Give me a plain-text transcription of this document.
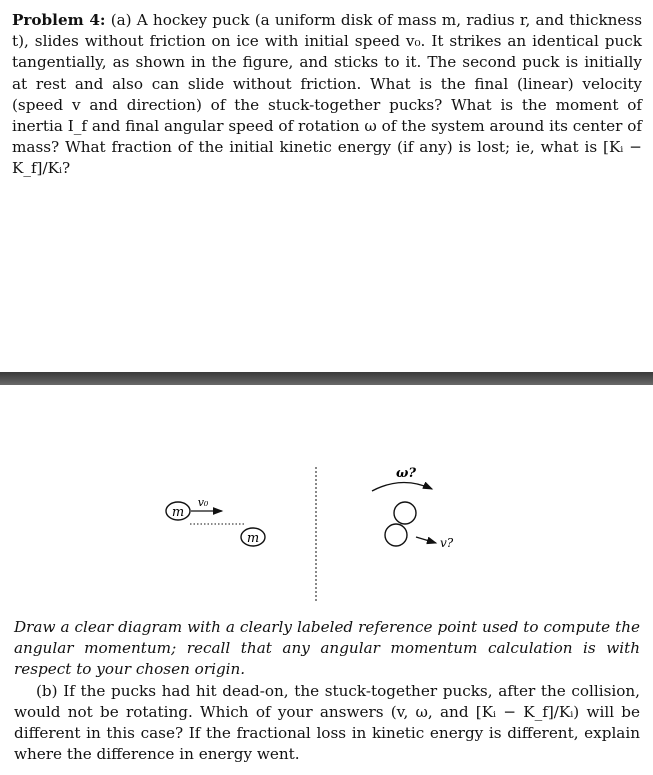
Problem 4: (a) A hockey puck (a uniform disk of mass m, radius r, and thickness t), slides without friction on ice with initial speed v₀. It strikes an identical puck tangentially, as shown in the figure, and sticks to it. The second puck is initially at rest and also can slide without friction. What is the final (linear) velocity (speed v and direction) of the stuck-together pucks? What is the moment of inertia I_f and final angular speed of rotation ω of the system around its center of mass? What fraction of the initial kinetic energy (if any) is lost; ie, what is [Kᵢ − K_f]/Kᵢ?
m
v₀
m
ω?
v?

Draw a clear diagram with a clearly labeled reference point used to compute the angular momentum; recall that any angular momentum calculation is with respect to your chosen origin.

(b) If the pucks had hit dead-on, the stuck-together pucks, after the collision, would not be rotating. Which of your answers (v, ω, and [Kᵢ − K_f]/Kᵢ) will be different in this case? If the fractional loss in kinetic energy is different, explain where the difference in energy went.
